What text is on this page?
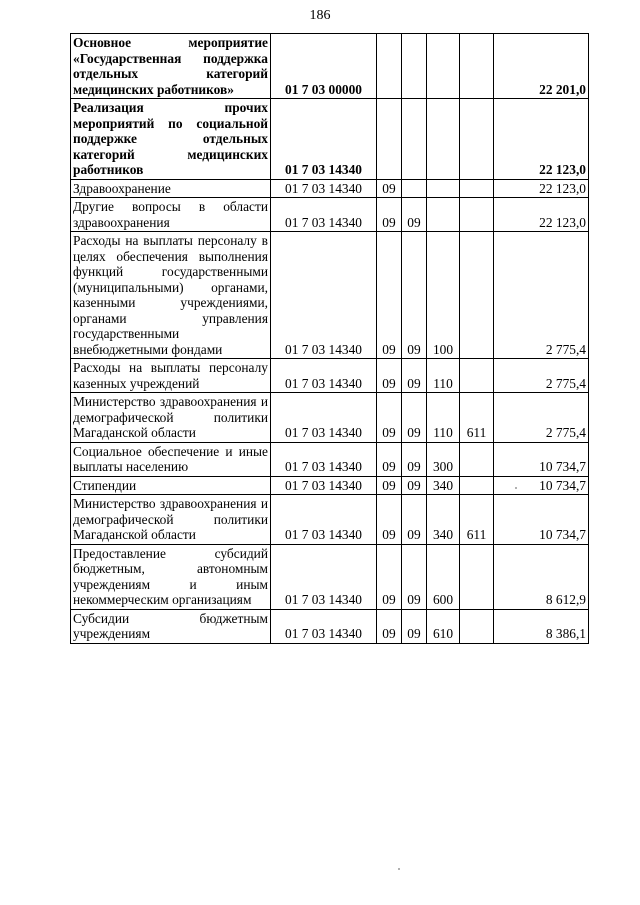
186
Основное мероприятие «Государственная поддержка отдельных категорий медицинских работников»	01 7 03 00000					22 201,0
Реализация прочих мероприятий по социальной поддержке отдельных категорий медицинских работников	01 7 03 14340					22 123,0
Здравоохранение	01 7 03 14340	09				22 123,0
Другие вопросы в области здравоохранения	01 7 03 14340	09	09			22 123,0
Расходы на выплаты персоналу в целях обеспечения выполнения функций государственными (муниципальными) органами, казенными учреждениями, органами управления государственными внебюджетными фондами	01 7 03 14340	09	09	100		2 775,4
Расходы на выплаты персоналу казенных учреждений	01 7 03 14340	09	09	110		2 775,4
Министерство здравоохранения и демографической политики Магаданской области	01 7 03 14340	09	09	110	611	2 775,4
Социальное обеспечение и иные выплаты населению	01 7 03 14340	09	09	300		10 734,7
Стипендии	01 7 03 14340	09	09	340		10 734,7
Министерство здравоохранения и демографической политики Магаданской области	01 7 03 14340	09	09	340	611	10 734,7
Предоставление субсидий бюджетным, автономным учреждениям и иным некоммерческим организациям	01 7 03 14340	09	09	600		8 612,9
Субсидии бюджетным учреждениям	01 7 03 14340	09	09	610		8 386,1
